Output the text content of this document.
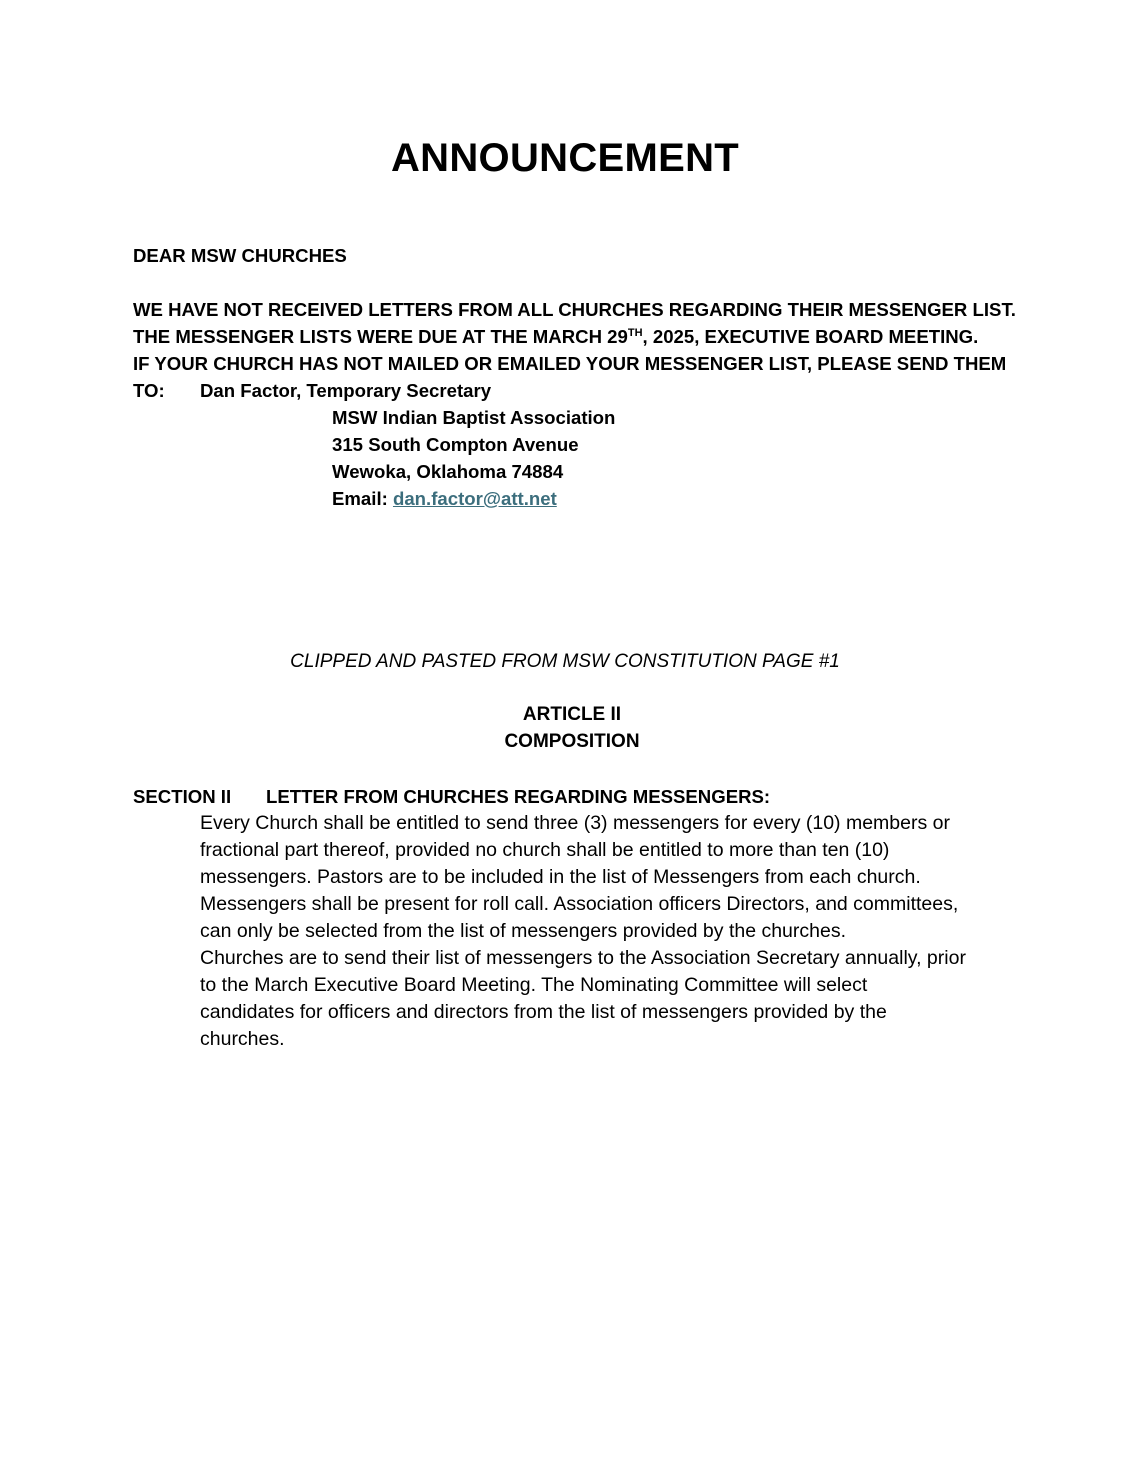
ANNOUNCEMENT
DEAR MSW CHURCHES
WE HAVE NOT RECEIVED LETTERS FROM ALL CHURCHES REGARDING THEIR MESSENGER LIST.
THE MESSENGER LISTS WERE DUE AT THE MARCH 29TH, 2025, EXECUTIVE BOARD MEETING.
IF YOUR CHURCH HAS NOT MAILED OR EMAILED YOUR MESSENGER LIST, PLEASE SEND THEM
TO: Dan Factor, Temporary Secretary
MSW Indian Baptist Association
315 South Compton Avenue
Wewoka, Oklahoma 74884
Email: dan.factor@att.net
CLIPPED AND PASTED FROM MSW CONSTITUTION PAGE #1
ARTICLE II
COMPOSITION
SECTION II LETTER FROM CHURCHES REGARDING MESSENGERS:
Every Church shall be entitled to send three (3) messengers for every (10) members or
fractional part thereof, provided no church shall be entitled to more than ten (10)
messengers. Pastors are to be included in the list of Messengers from each church.
Messengers shall be present for roll call. Association officers Directors, and committees,
can only be selected from the list of messengers provided by the churches.
Churches are to send their list of messengers to the Association Secretary annually, prior
to the March Executive Board Meeting. The Nominating Committee will select
candidates for officers and directors from the list of messengers provided by the
churches.
